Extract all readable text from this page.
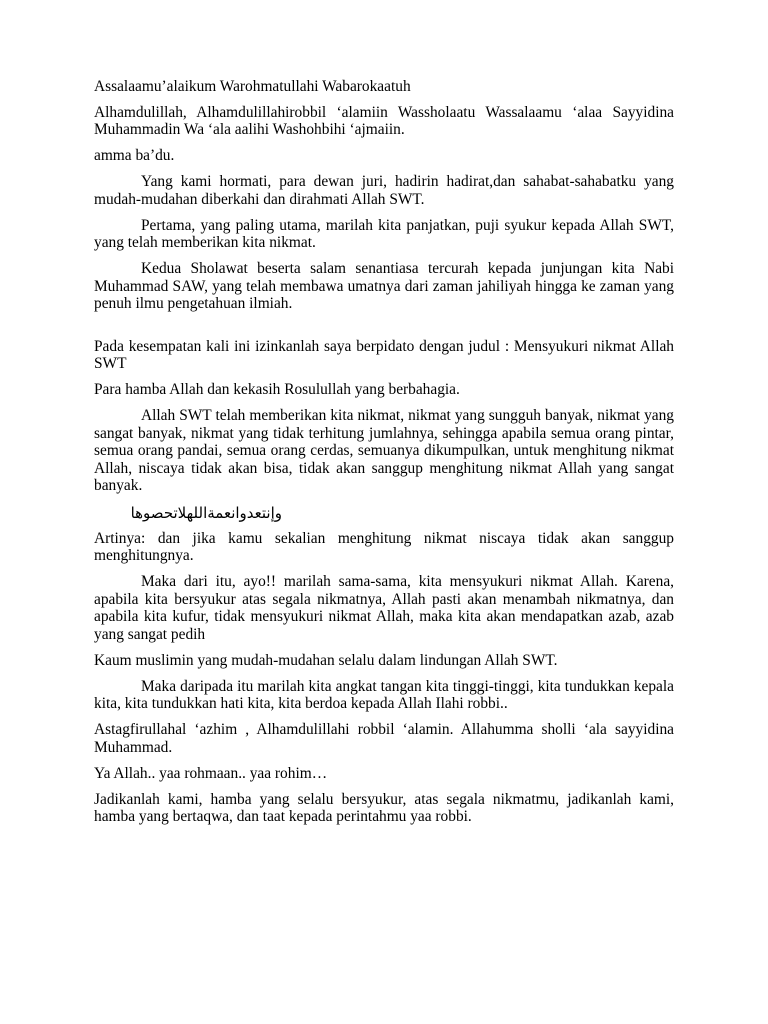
Assalaamu’alaikum Warohmatullahi Wabarokaatuh

Alhamdulillah, Alhamdulillahirobbil ‘alamiin Wassholaatu Wassalaamu ‘alaa Sayyidina Muhammadin Wa ‘ala aalihi Washohbihi ‘ajmaiin.

amma ba’du.

Yang kami hormati, para dewan juri, hadirin hadirat,dan sahabat-sahabatku yang mudah-mudahan diberkahi dan dirahmati Allah SWT.

Pertama, yang paling utama, marilah kita panjatkan, puji syukur kepada Allah SWT, yang telah memberikan kita nikmat.

Kedua Sholawat beserta salam senantiasa tercurah kepada junjungan kita Nabi Muhammad SAW, yang telah membawa umatnya dari zaman jahiliyah hingga ke zaman yang penuh ilmu pengetahuan ilmiah.

Pada kesempatan kali ini izinkanlah saya berpidato dengan judul : Mensyukuri nikmat Allah SWT

Para hamba Allah dan kekasih Rosulullah yang berbahagia.

Allah SWT telah memberikan kita nikmat, nikmat yang sungguh banyak, nikmat yang sangat banyak, nikmat yang tidak terhitung jumlahnya, sehingga apabila semua orang pintar, semua orang pandai, semua orang cerdas, semuanya dikumpulkan, untuk menghitung nikmat Allah, niscaya tidak akan bisa, tidak akan sanggup menghitung nikmat Allah yang sangat banyak.

وإنتعدوانعمةاللهلاتحصوها

Artinya: dan jika kamu sekalian menghitung nikmat niscaya tidak akan sanggup menghitungnya.

Maka dari itu, ayo!! marilah sama-sama, kita mensyukuri nikmat Allah. Karena, apabila kita bersyukur atas segala nikmatnya, Allah pasti akan menambah nikmatnya, dan apabila kita kufur, tidak mensyukuri nikmat Allah, maka kita akan mendapatkan azab, azab yang sangat pedih

Kaum muslimin yang mudah-mudahan selalu dalam lindungan Allah SWT.

Maka daripada itu marilah kita angkat tangan kita tinggi-tinggi, kita tundukkan kepala kita, kita tundukkan hati kita, kita berdoa kepada Allah Ilahi robbi..

Astagfirullahal ‘azhim , Alhamdulillahi robbil ‘alamin. Allahumma sholli ‘ala sayyidina Muhammad.

Ya Allah.. yaa rohmaan.. yaa rohim…

Jadikanlah kami, hamba yang selalu bersyukur, atas segala nikmatmu, jadikanlah kami, hamba yang bertaqwa, dan taat kepada perintahmu yaa robbi.
